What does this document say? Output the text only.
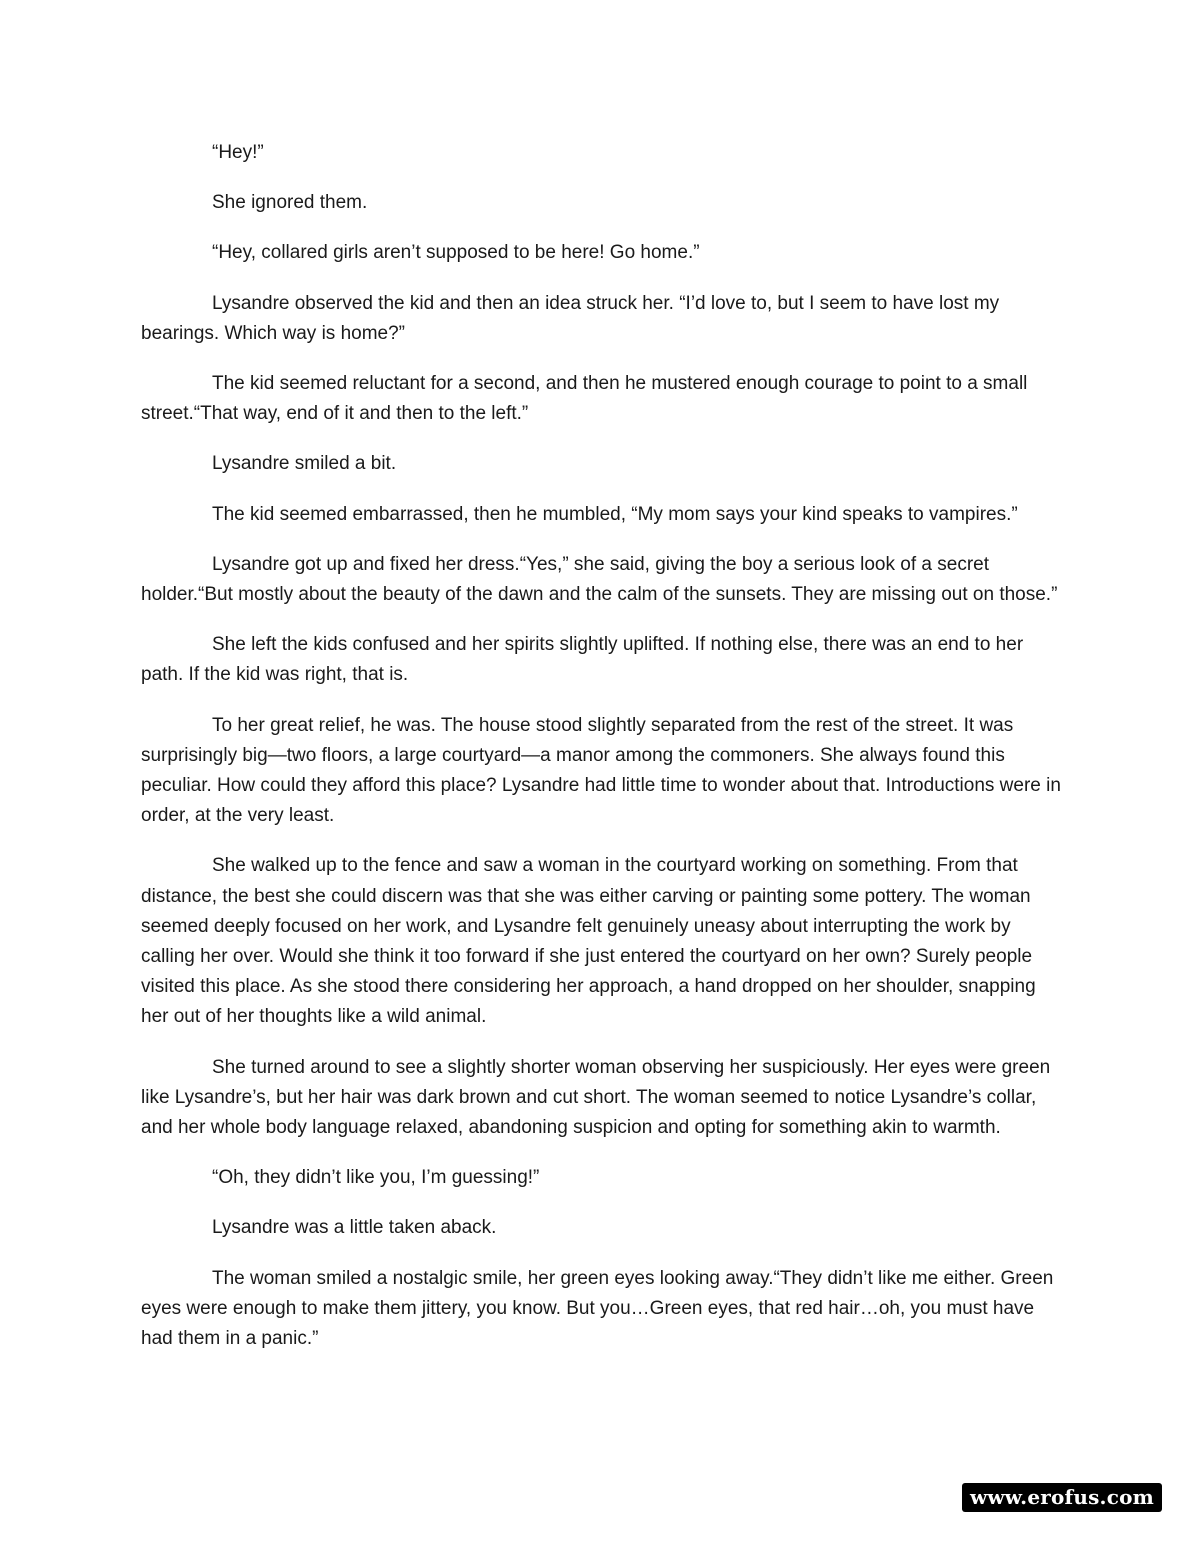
“Hey!”

She ignored them.

“Hey, collared girls aren’t supposed to be here! Go home.”

Lysandre observed the kid and then an idea struck her. “I’d love to, but I seem to have lost my bearings. Which way is home?”

The kid seemed reluctant for a second, and then he mustered enough courage to point to a small street.“That way, end of it and then to the left.”

Lysandre smiled a bit.

The kid seemed embarrassed, then he mumbled, “My mom says your kind speaks to vampires.”

Lysandre got up and fixed her dress.“Yes,” she said, giving the boy a serious look of a secret holder.“But mostly about the beauty of the dawn and the calm of the sunsets. They are missing out on those.”

She left the kids confused and her spirits slightly uplifted. If nothing else, there was an end to her path. If the kid was right, that is.

To her great relief, he was. The house stood slightly separated from the rest of the street. It was surprisingly big—two floors, a large courtyard—a manor among the commoners. She always found this peculiar. How could they afford this place? Lysandre had little time to wonder about that. Introductions were in order, at the very least.

She walked up to the fence and saw a woman in the courtyard working on something. From that distance, the best she could discern was that she was either carving or painting some pottery. The woman seemed deeply focused on her work, and Lysandre felt genuinely uneasy about interrupting the work by calling her over. Would she think it too forward if she just entered the courtyard on her own? Surely people visited this place. As she stood there considering her approach, a hand dropped on her shoulder, snapping her out of her thoughts like a wild animal.

She turned around to see a slightly shorter woman observing her suspiciously. Her eyes were green like Lysandre’s, but her hair was dark brown and cut short. The woman seemed to notice Lysandre’s collar, and her whole body language relaxed, abandoning suspicion and opting for something akin to warmth.

“Oh, they didn’t like you, I’m guessing!”

Lysandre was a little taken aback.

The woman smiled a nostalgic smile, her green eyes looking away.“They didn’t like me either. Green eyes were enough to make them jittery, you know. But you…Green eyes, that red hair…oh, you must have had them in a panic.”

www.erofus.com
